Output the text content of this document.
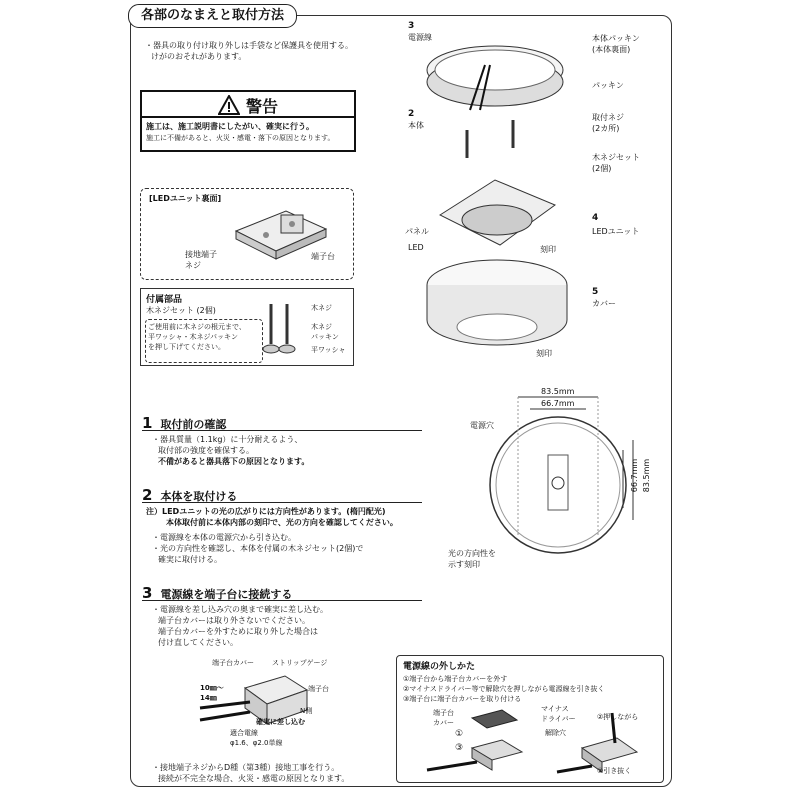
各部のなまえと取付方法
・器具の取り付け取り外しは手袋など保護具を使用する。
けがのおそれがあります。
警告
施工は、施工説明書にしたがい、確実に行う。
施工に不備があると、火災・感電・落下の原因となります。
[LEDユニット裏面]
接地端子
ネジ
端子台
付属部品
木ネジセット (2個)
ご使用前に木ネジの根元まで、
平ワッシャ・木ネジパッキン
を押し下げてください。
木ネジ
木ネジ
パッキン
平ワッシャ
3
電源線
2
本体
本体パッキン
(本体裏面)
パッキン
取付ネジ
(2カ所)
木ネジセット
(2個)
パネル
LED
4
LEDユニット
刻印
5
カバー
刻印
83.5mm
66.7mm
66.7mm 83.5mm
電源穴
光の方向性を
示す刻印
1 取付前の確認
・器具質量（1.1kg）に十分耐えるよう、
取付部の強度を確保する。
不備があると器具落下の原因となります。
2 本体を取付ける
注）LEDユニットの光の広がりには方向性があります。(楕円配光)
本体取付前に本体内部の刻印で、光の方向を確認してください。
・電源線を本体の電源穴から引き込む。
・光の方向性を確認し、本体を付属の木ネジセット(2個)で
確実に取付ける。
3 電源線を端子台に接続する
・電源線を差し込み穴の奥まで確実に差し込む。
端子台カバーは取り外さないでください。
端子台カバーを外すために取り外した場合は
付け直してください。
端子台カバー	ストリップゲージ
10㎜～
14㎜
端子台
N側
確実に差し込む
適合電線
φ1.6、φ2.0単線
・接地端子ネジからD種（第3種）接地工事を行う。
接続が不完全な場合、火災・感電の原因となります。
電源線の外しかた
①端子台から端子台カバーを外す
②マイナスドライバー等で解除穴を押しながら電源線を引き抜く
③端子台に端子台カバーを取り付ける
端子台
カバー
①
③
マイナス
ドライバー
解除穴
②押しながら
②引き抜く
